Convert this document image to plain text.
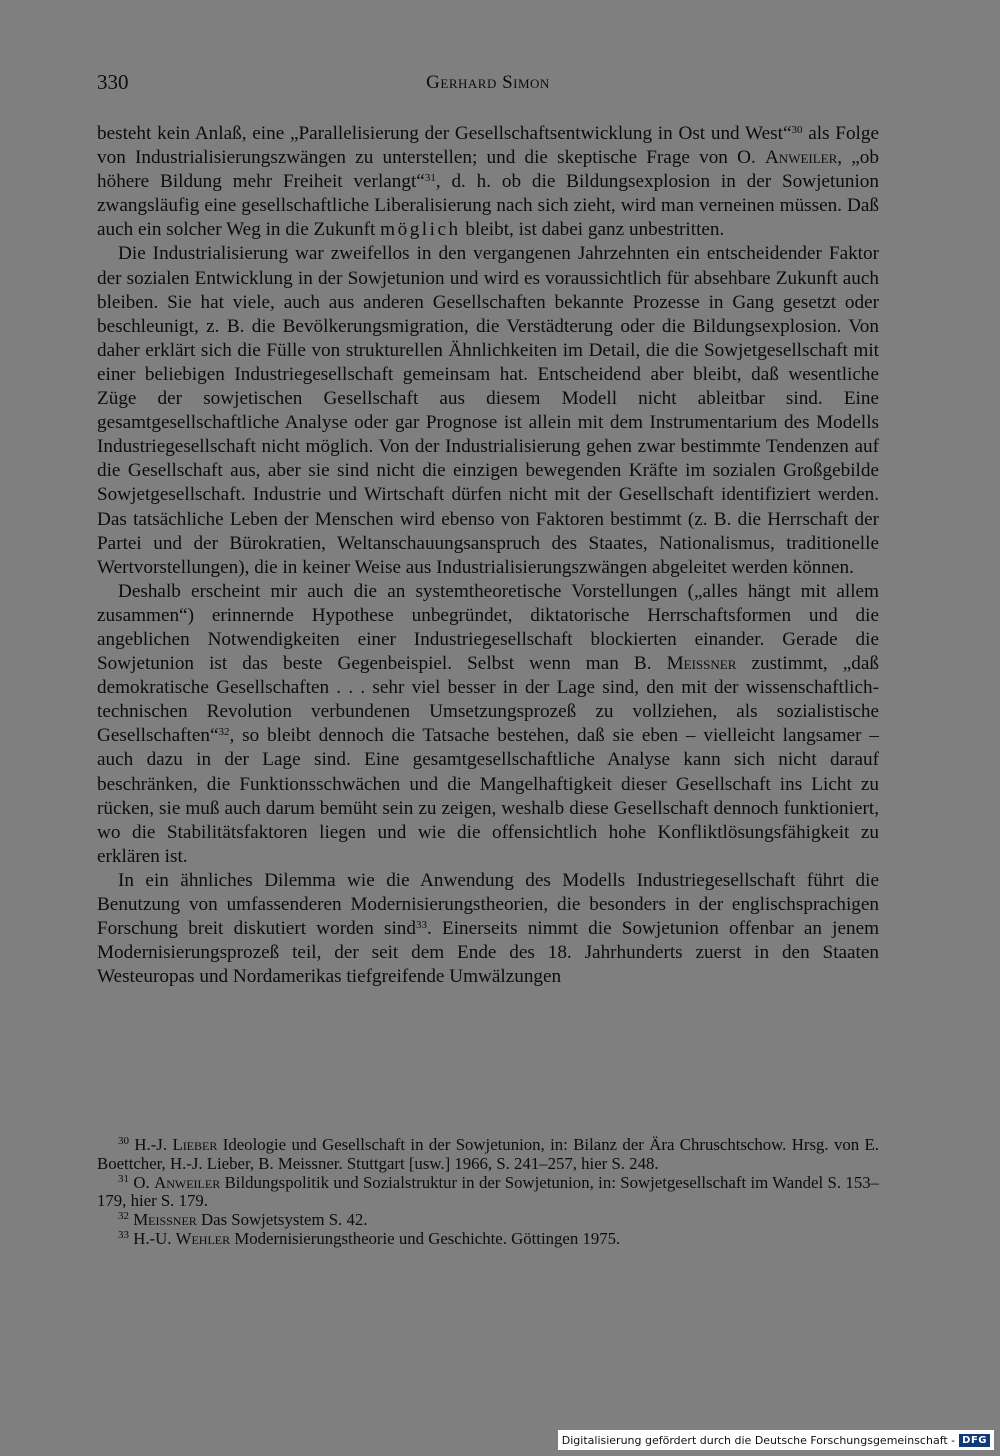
330	Gerhard Simon

besteht kein Anlaß, eine „Parallelisierung der Gesellschaftsentwicklung in Ost und West“$^{30}$ als Folge von Industrialisierungszwängen zu unterstellen; und die skeptische Frage von O. Anweiler, „ob höhere Bildung mehr Freiheit verlangt“$^{31}$, d. h. ob die Bildungsexplosion in der Sowjetunion zwangsläufig eine gesellschaftliche Liberalisierung nach sich zieht, wird man verneinen müssen. Daß auch ein solcher Weg in die Zukunft möglich bleibt, ist dabei ganz unbestritten.

Die Industrialisierung war zweifellos in den vergangenen Jahrzehnten ein entscheidender Faktor der sozialen Entwicklung in der Sowjetunion und wird es voraussichtlich für absehbare Zukunft auch bleiben. Sie hat viele, auch aus anderen Gesellschaften bekannte Prozesse in Gang gesetzt oder beschleunigt, z. B. die Bevölkerungsmigration, die Verstädterung oder die Bildungsexplosion. Von daher erklärt sich die Fülle von strukturellen Ähnlichkeiten im Detail, die die Sowjetgesellschaft mit einer beliebigen Industriegesellschaft gemeinsam hat. Entscheidend aber bleibt, daß wesentliche Züge der sowjetischen Gesellschaft aus diesem Modell nicht ableitbar sind. Eine gesamtgesellschaftliche Analyse oder gar Prognose ist allein mit dem Instrumentarium des Modells Industriegesellschaft nicht möglich. Von der Industrialisierung gehen zwar bestimmte Tendenzen auf die Gesellschaft aus, aber sie sind nicht die einzigen bewegenden Kräfte im sozialen Großgebilde Sowjetgesellschaft. Industrie und Wirtschaft dürfen nicht mit der Gesellschaft identifiziert werden. Das tatsächliche Leben der Menschen wird ebenso von Faktoren bestimmt (z. B. die Herrschaft der Partei und der Bürokratien, Weltanschauungsanspruch des Staates, Nationalismus, traditionelle Wertvorstellungen), die in keiner Weise aus Industrialisierungszwängen abgeleitet werden können.

Deshalb erscheint mir auch die an systemtheoretische Vorstellungen („alles hängt mit allem zusammen“) erinnernde Hypothese unbegründet, diktatorische Herrschaftsformen und die angeblichen Notwendigkeiten einer Industriegesellschaft blockierten einander. Gerade die Sowjetunion ist das beste Gegenbeispiel. Selbst wenn man B. Meissner zustimmt, „daß demokratische Gesellschaften . . . sehr viel besser in der Lage sind, den mit der wissenschaftlich-technischen Revolution verbundenen Umsetzungsprozeß zu vollziehen, als sozialistische Gesellschaften“$^{32}$, so bleibt dennoch die Tatsache bestehen, daß sie eben – vielleicht langsamer – auch dazu in der Lage sind. Eine gesamtgesellschaftliche Analyse kann sich nicht darauf beschränken, die Funktionsschwächen und die Mangelhaftigkeit dieser Gesellschaft ins Licht zu rücken, sie muß auch darum bemüht sein zu zeigen, weshalb diese Gesellschaft dennoch funktioniert, wo die Stabilitätsfaktoren liegen und wie die offensichtlich hohe Konfliktlösungsfähigkeit zu erklären ist.

In ein ähnliches Dilemma wie die Anwendung des Modells Industriegesellschaft führt die Benutzung von umfassenderen Modernisierungstheorien, die besonders in der englischsprachigen Forschung breit diskutiert worden sind$^{33}$. Einerseits nimmt die Sowjetunion offenbar an jenem Modernisierungsprozeß teil, der seit dem Ende des 18. Jahrhunderts zuerst in den Staaten Westeuropas und Nordamerikas tiefgreifende Umwälzungen

$^{30}$ H.-J. Lieber Ideologie und Gesellschaft in der Sowjetunion, in: Bilanz der Ära Chruschtschow. Hrsg. von E. Boettcher, H.-J. Lieber, B. Meissner. Stuttgart [usw.] 1966, S. 241–257, hier S. 248.

$^{31}$ O. Anweiler Bildungspolitik und Sozialstruktur in der Sowjetunion, in: Sowjetgesellschaft im Wandel S. 153–179, hier S. 179.

$^{32}$ Meissner Das Sowjetsystem S. 42.

$^{33}$ H.-U. Wehler Modernisierungstheorie und Geschichte. Göttingen 1975.

Digitalisierung gefördert durch die Deutsche Forschungsgemeinschaft - DFG
